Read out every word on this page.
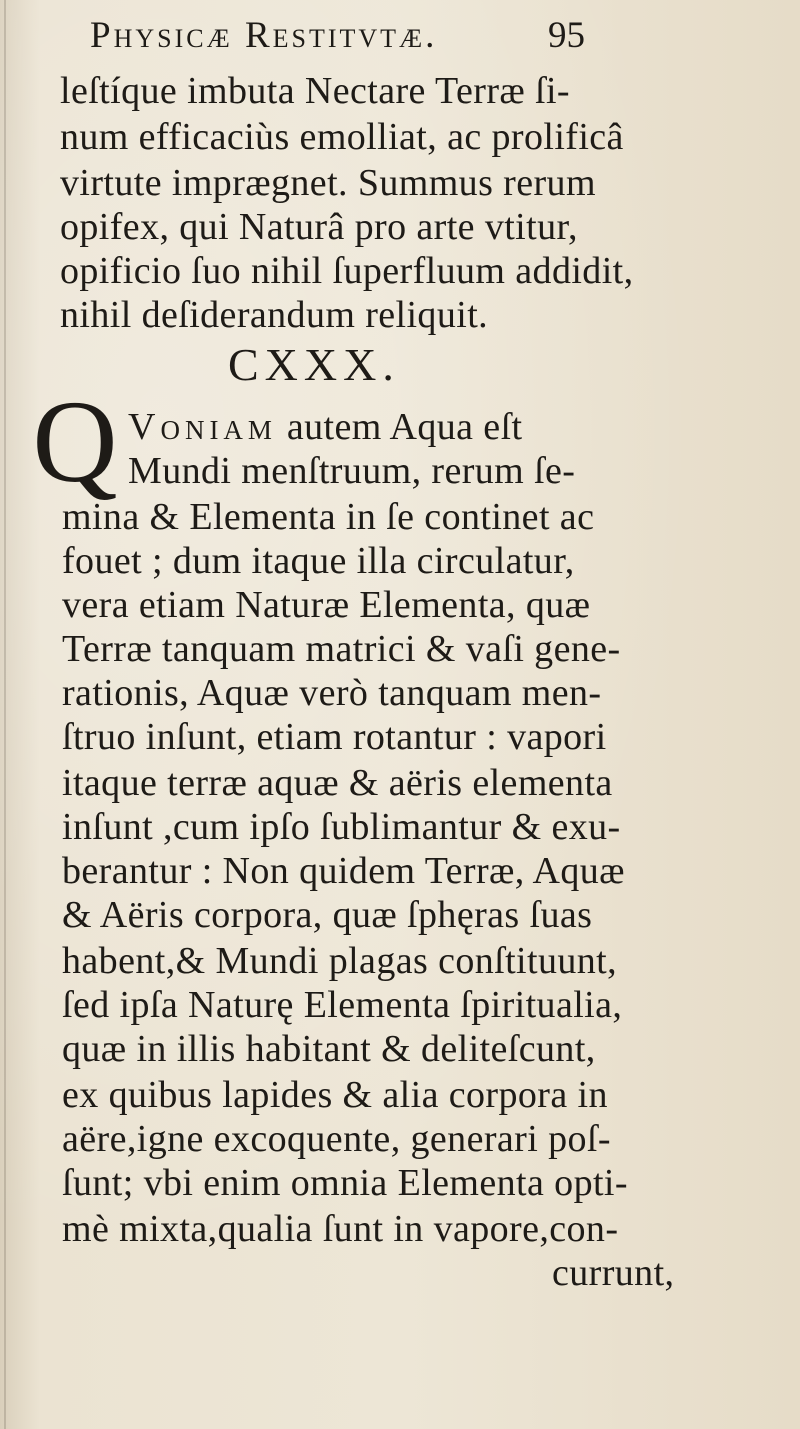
Physicæ Restitvtæ.	95
leſtíque imbuta Nectare Terræ ſi-
num efficaciùs emolliat, ac prolificâ
virtute imprægnet. Summus rerum
opifex, qui Naturâ pro arte vtitur,
opificio ſuo nihil ſuperfluum addidit,
nihil deſiderandum reliquit.
CXXX.
Q Voniam autem Aqua eſt
Mundi menſtruum, rerum ſe-
mina & Elementa in ſe continet ac
fouet ; dum itaque illa circulatur,
vera etiam Naturæ Elementa, quæ
Terræ tanquam matrici & vaſi gene-
rationis, Aquæ verò tanquam men-
ſtruo inſunt, etiam rotantur : vapori
itaque terræ aquæ & aëris elementa
inſunt ,cum ipſo ſublimantur & exu-
berantur : Non quidem Terræ, Aquæ
& Aëris corpora, quæ ſphęras ſuas
habent,& Mundi plagas conſtituunt,
ſed ipſa Naturę Elementa ſpiritualia,
quæ in illis habitant & delitеſcunt,
ex quibus lapides & alia corpora in
aëre,igne excoquente, generari poſ-
ſunt; vbi enim omnia Elementa opti-
mè mixta,qualia ſunt in vapore,con-
currunt,
